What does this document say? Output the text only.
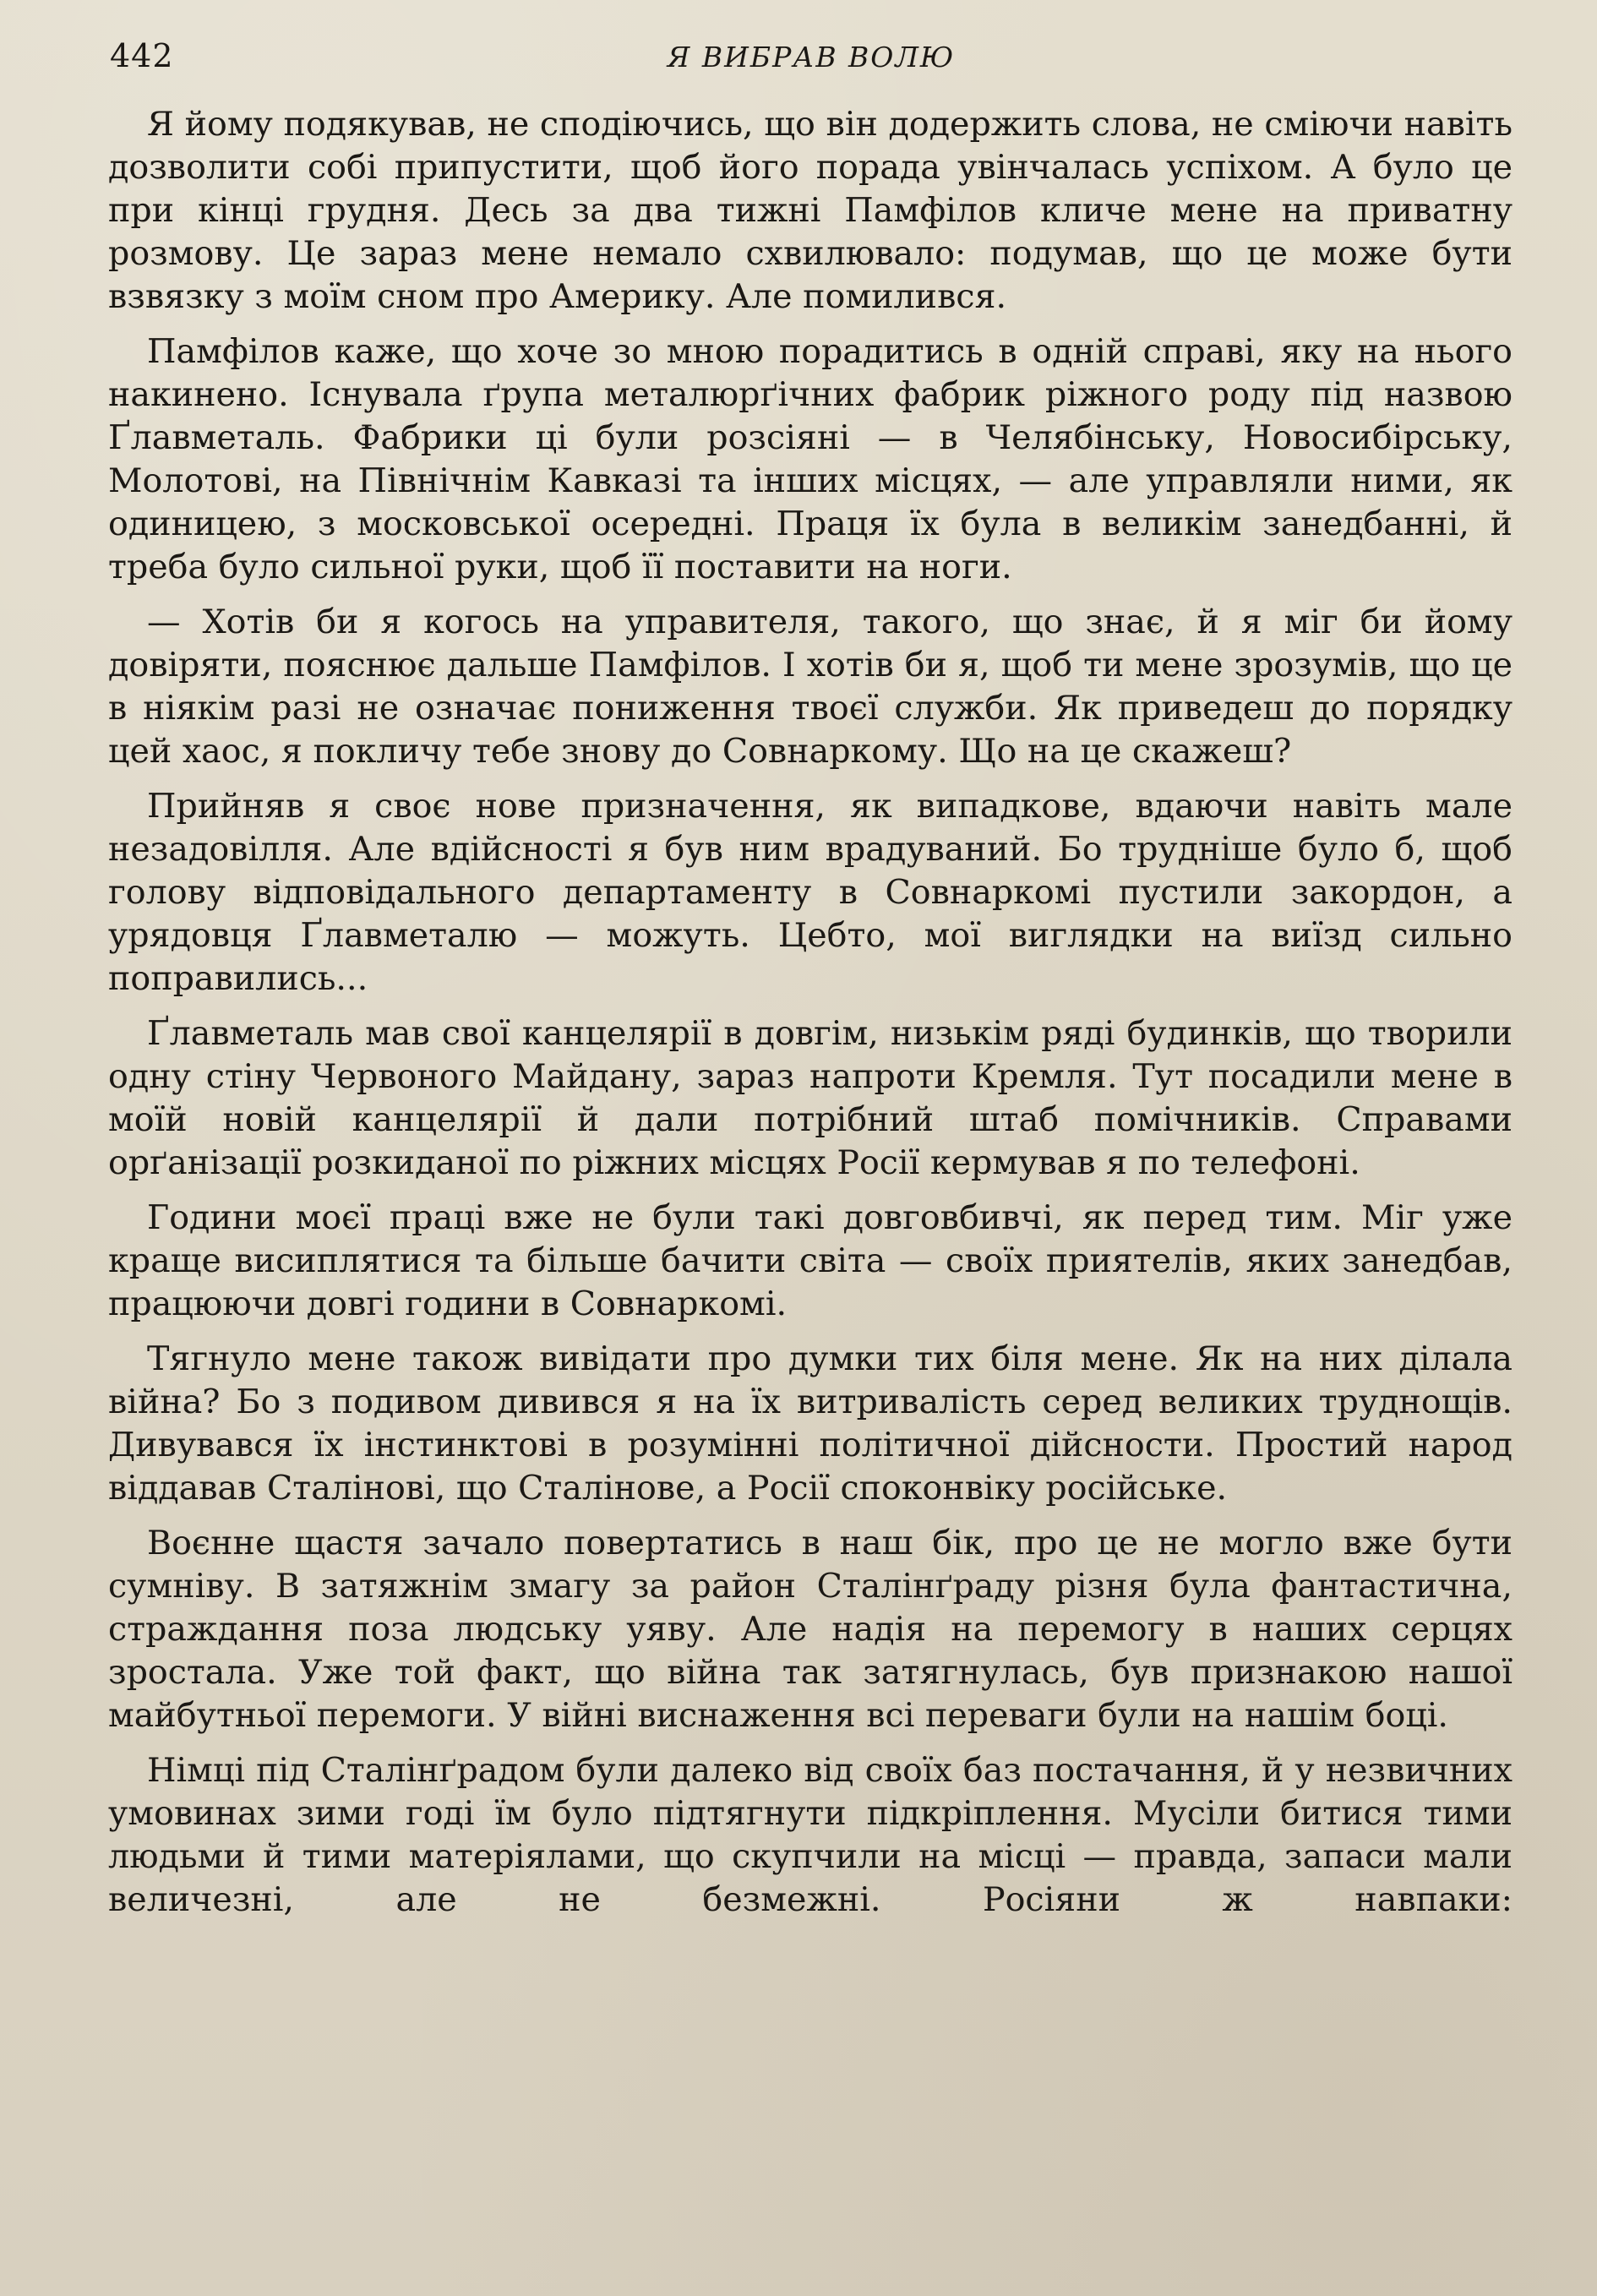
442	Я ВИБРАВ ВОЛЮ

Я йому подякував, не сподіючись, що він додержить слова, не сміючи навіть дозволити собі припустити, щоб його порада увінчалась успіхом. А було це при кінці грудня. Десь за два тижні Памфілов кличе мене на приватну розмову. Це зараз мене немало схвилювало: подумав, що це може бути взвязку з моїм сном про Америку. Але помилився.

Памфілов каже, що хоче зо мною порадитись в одній справі, яку на нього накинено. Існувала ґрупа металюрґічних фабрик ріжного роду під назвою Ґлавметаль. Фабрики ці були розсіяні — в Челябінську, Новосибірську, Молотові, на Північнім Кавказі та інших місцях, — але управляли ними, як одиницею, з московської осередні. Праця їх була в великім занедбанні, й треба було сильної руки, щоб її поставити на ноги.

— Хотів би я когось на управителя, такого, що знає, й я міг би йому довіряти, пояснює дальше Памфілов. І хотів би я, щоб ти мене зрозумів, що це в ніякім разі не означає пониження твоєї служби. Як приведеш до порядку цей хаос, я покличу тебе знову до Совнаркому. Що на це скажеш?

Прийняв я своє нове призначення, як випадкове, вдаючи навіть мале незадовілля. Але вдійсності я був ним врадуваний. Бо труднішe було б, щоб голову відповідального департаменту в Совнаркомі пустили закордон, а урядовця Ґлавметалю — можуть. Цебто, мої виглядки на виїзд сильно поправились...

Ґлавметаль мав свої канцелярії в довгім, низькім ряді будинків, що творили одну стіну Червоного Майдану, зараз напроти Кремля. Тут посадили мене в моїй новій канцелярії й дали потрібний штаб помічників. Справами орґанізації розкиданої по ріжних місцях Росії кермував я по телефоні.

Години моєї праці вже не були такі довговбивчі, як перед тим. Міг уже краще висиплятися та більше бачити світа — своїх приятелів, яких занедбав, працюючи довгі години в Совнаркомі.

Тягнуло мене також вивідати про думки тих біля мене. Як на них ділала війна? Бо з подивом дивився я на їх витривалість серед великих труднощів. Дивувався їх інстинктові в розумінні політичної дійсности. Простий народ віддавав Сталінові, що Сталінове, а Росії споконвіку російське.

Воєнне щастя зачало повертатись в наш бік, про це не могло вже бути сумніву. В затяжнім змагу за район Сталінґраду різня була фантастична, страждання поза людську уяву. Але надія на перемогу в наших серцях зростала. Уже той факт, що війна так затягнулась, був признакою нашої майбутньої перемоги. У війні виснаження всі переваги були на нашім боці.

Німці під Сталінґрадом були далеко від своїх баз постачання, й у незвичних умовинах зими годі їм було підтягнути підкріплення. Мусіли битися тими людьми й тими матеріялами, що скупчили на місці — правда, запаси мали величезні, але не безмежні. Росіяни ж навпаки:
